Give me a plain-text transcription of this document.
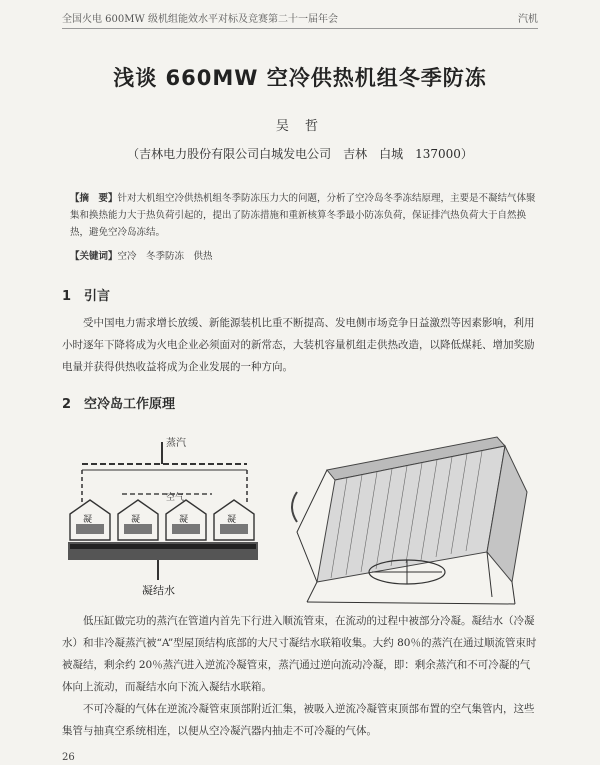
全国火电 600MW 级机组能效水平对标及竞赛第二十一届年会	汽机
浅谈 660MW 空冷供热机组冬季防冻
吴 哲
（吉林电力股份有限公司白城发电公司　吉林　白城　137000）
【摘　要】针对大机组空冷供热机组冬季防冻压力大的问题，分析了空冷岛冬季冻结原理，主要是不凝结气体聚集和换热能力大于热负荷引起的，提出了防冻措施和重新核算冬季最小防冻负荷，保证排汽热负荷大于自然换热，避免空冷岛冻结。
【关键词】空冷　冬季防冻　供热
1 引言
受中国电力需求增长放缓、新能源装机比重不断提高、发电侧市场竞争日益激烈等因素影响，利用小时逐年下降将成为火电企业必须面对的新常态，大装机容量机组走供热改造，以降低煤耗、增加奖励电量并获得供热收益将成为企业发展的一种方向。
2 空冷岛工作原理
蒸汽
空气
凝	凝	凝	凝
凝结水
低压缸做完功的蒸汽在管道内首先下行进入顺流管束，在流动的过程中被部分冷凝。凝结水（冷凝水）和非冷凝蒸汽被“A”型屋顶结构底部的大尺寸凝结水联箱收集。大约 80％的蒸汽在通过顺流管束时被凝结，剩余约 20％蒸汽进入逆流冷凝管束，蒸汽通过逆向流动冷凝，即：剩余蒸汽和不可冷凝的气体向上流动，而凝结水向下流入凝结水联箱。
不可冷凝的气体在逆流冷凝管束顶部附近汇集，被吸入逆流冷凝管束顶部布置的空气集管内，这些集管与抽真空系统相连，以便从空冷凝汽器内抽走不可冷凝的气体。
26
